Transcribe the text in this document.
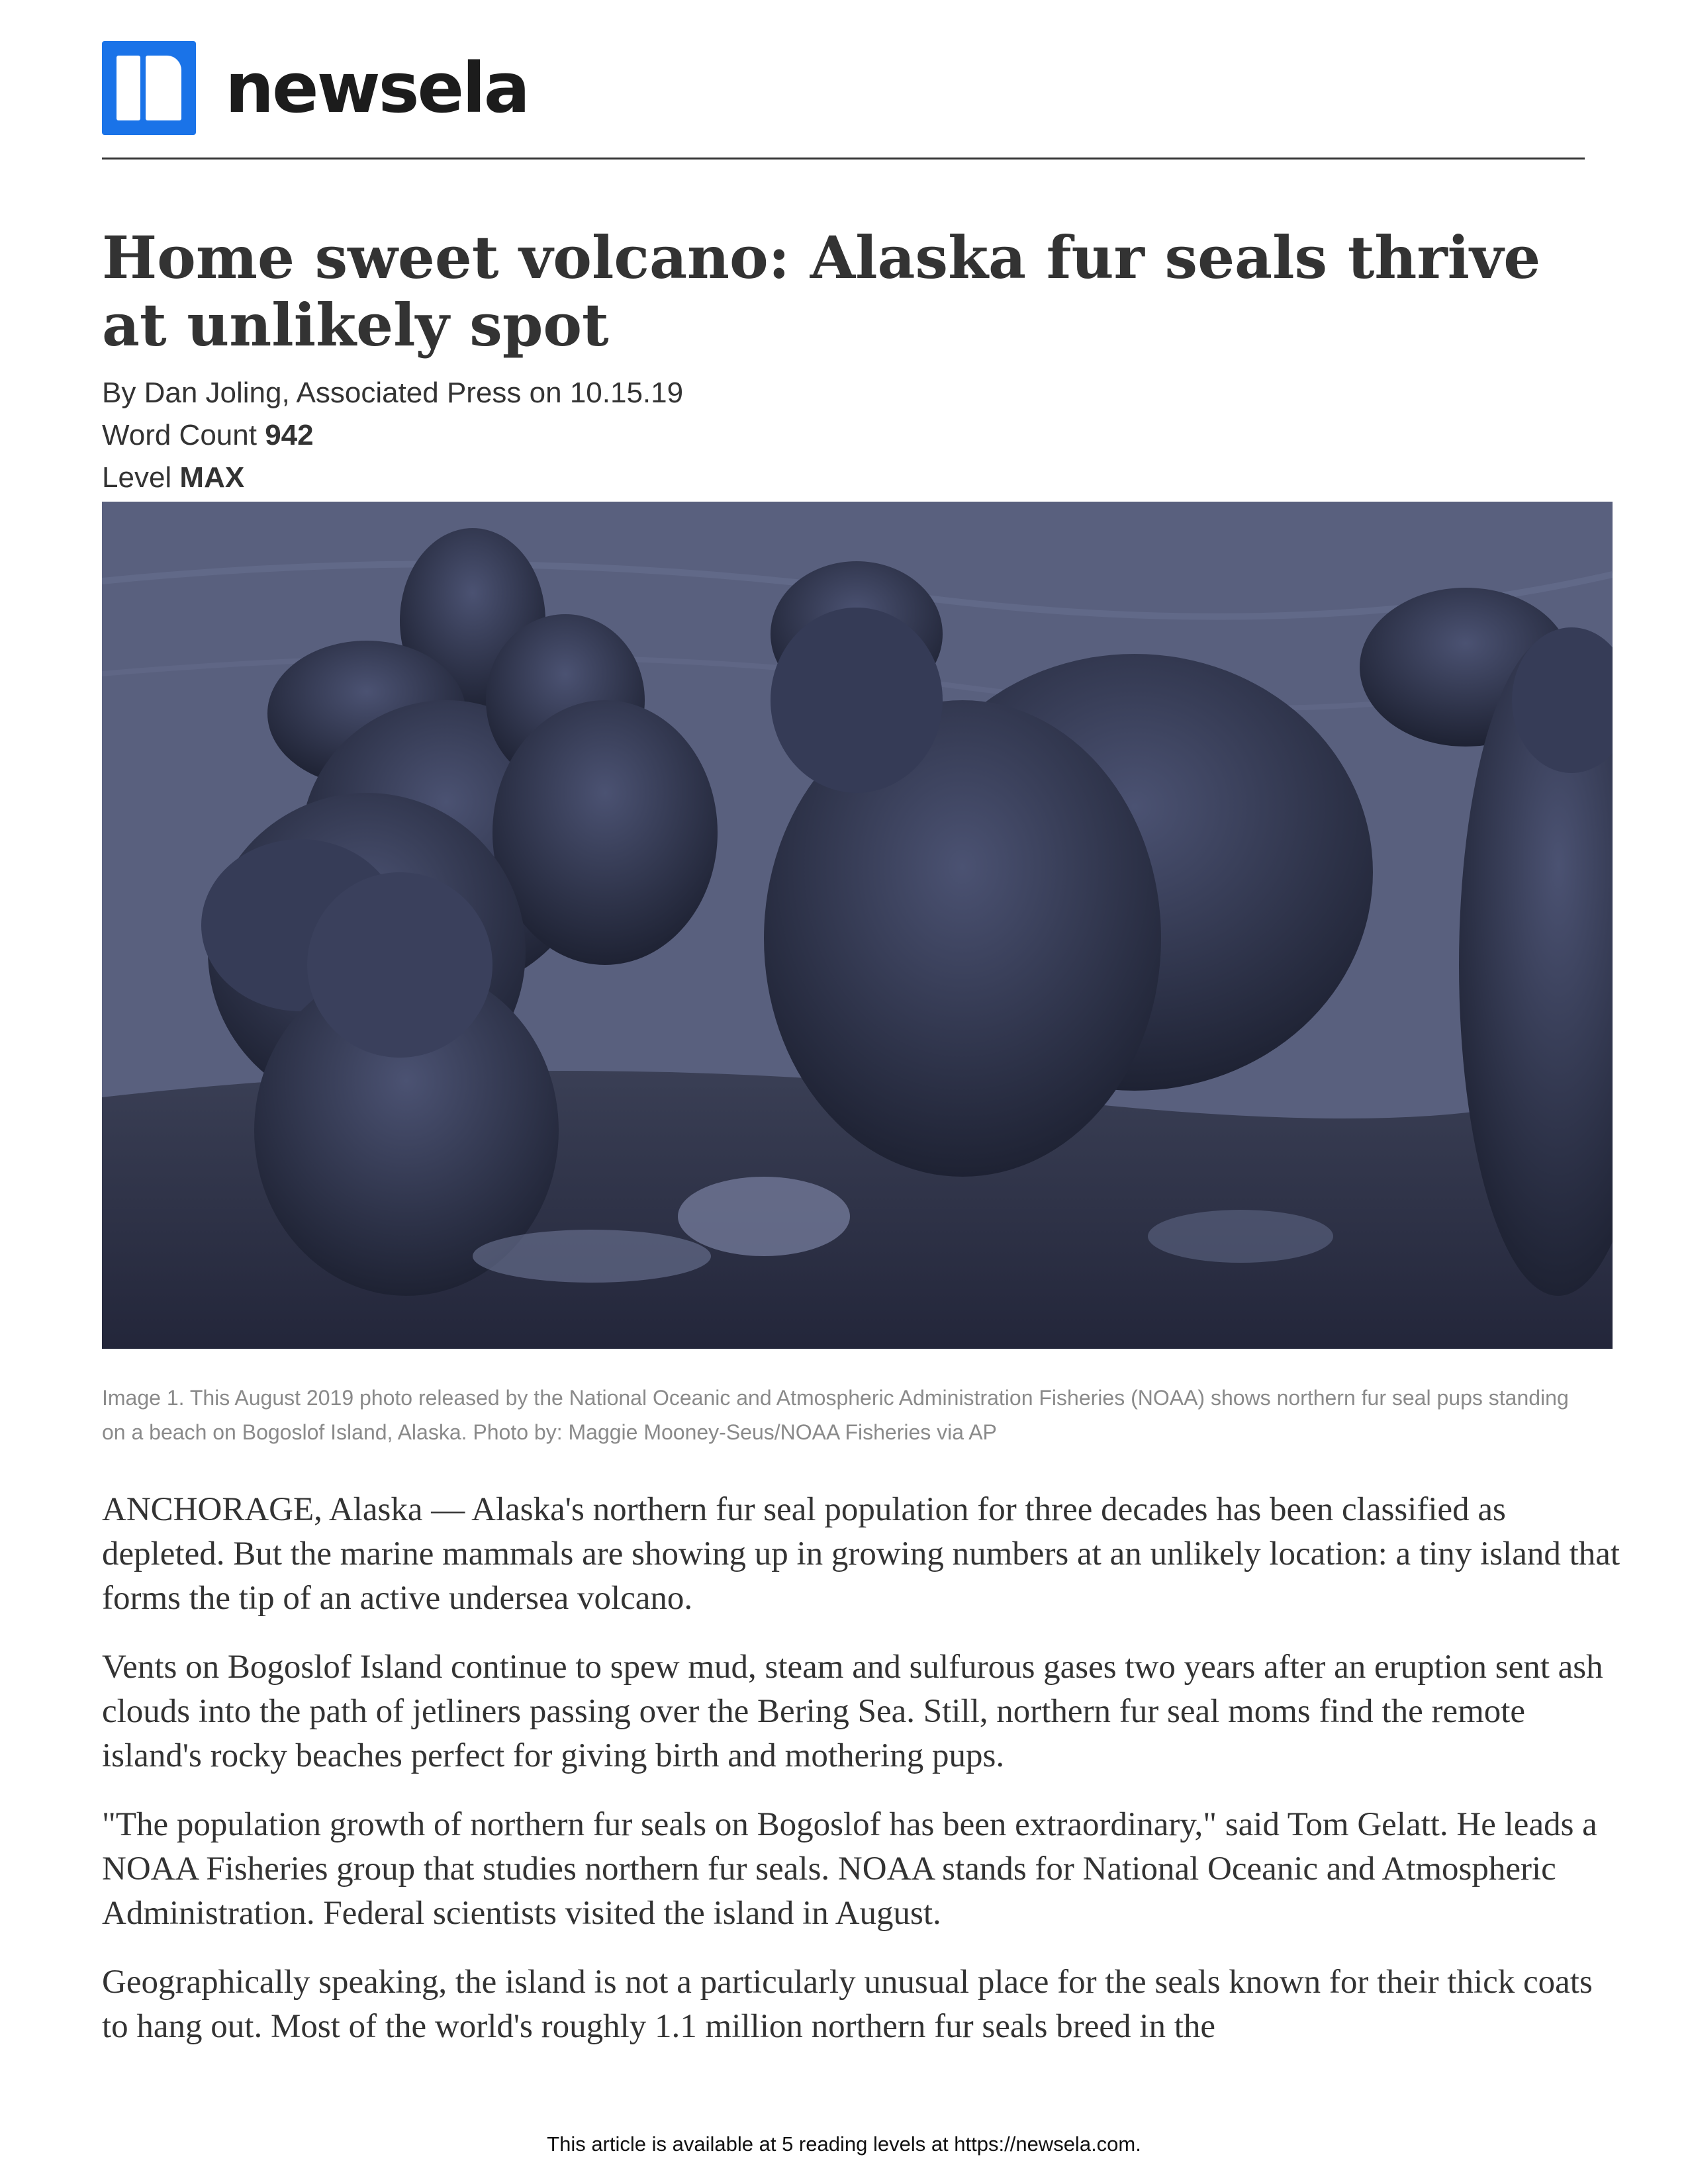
newsela
Home sweet volcano: Alaska fur seals thrive at unlikely spot
By Dan Joling, Associated Press on 10.15.19
Word Count 942
Level MAX
Image 1. This August 2019 photo released by the National Oceanic and Atmospheric Administration Fisheries (NOAA) shows northern fur seal pups standing on a beach on Bogoslof Island, Alaska. Photo by: Maggie Mooney-Seus/NOAA Fisheries via AP

ANCHORAGE, Alaska — Alaska's northern fur seal population for three decades has been classified as depleted. But the marine mammals are showing up in growing numbers at an unlikely location: a tiny island that forms the tip of an active undersea volcano.

Vents on Bogoslof Island continue to spew mud, steam and sulfurous gases two years after an eruption sent ash clouds into the path of jetliners passing over the Bering Sea. Still, northern fur seal moms find the remote island's rocky beaches perfect for giving birth and mothering pups.

"The population growth of northern fur seals on Bogoslof has been extraordinary," said Tom Gelatt. He leads a NOAA Fisheries group that studies northern fur seals. NOAA stands for National Oceanic and Atmospheric Administration. Federal scientists visited the island in August.

Geographically speaking, the island is not a particularly unusual place for the seals known for their thick coats to hang out. Most of the world's roughly 1.1 million northern fur seals breed in the

This article is available at 5 reading levels at https://newsela.com.
